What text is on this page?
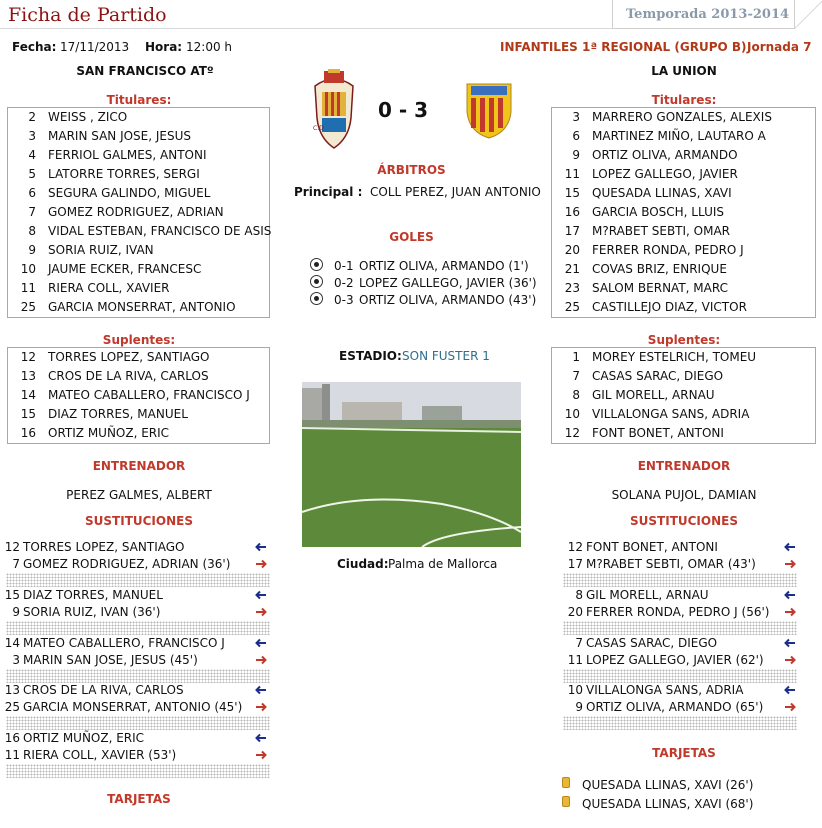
Ficha de Partido	Temporada 2013-2014
Fecha: 17/11/2013 Hora: 12:00 h	INFANTILES 1ª REGIONAL (GRUPO B) Jornada 7
SAN FRANCISCO ATº	LA UNION
C.D
0 - 3
ÁRBITROS
Principal : COLL PEREZ, JUAN ANTONIO
GOLES
0-1 ORTIZ OLIVA, ARMANDO (1')
0-2 LOPEZ GALLEGO, JAVIER (36')
0-3 ORTIZ OLIVA, ARMANDO (43')
ESTADIO: SON FUSTER 1
Ciudad: Palma de Mallorca
Titulares:
2 WEISS , ZICO
3 MARIN SAN JOSE, JESUS
4 FERRIOL GALMES, ANTONI
5 LATORRE TORRES, SERGI
6 SEGURA GALINDO, MIGUEL
7 GOMEZ RODRIGUEZ, ADRIAN
8 VIDAL ESTEBAN, FRANCISCO DE ASIS
9 SORIA RUIZ, IVAN
10 JAUME ECKER, FRANCESC
11 RIERA COLL, XAVIER
25 GARCIA MONSERRAT, ANTONIO
Suplentes:
12 TORRES LOPEZ, SANTIAGO
13 CROS DE LA RIVA, CARLOS
14 MATEO CABALLERO, FRANCISCO J
15 DIAZ TORRES, MANUEL
16 ORTIZ MUÑOZ, ERIC
ENTRENADOR
PEREZ GALMES, ALBERT
SUSTITUCIONES
12 TORRES LOPEZ, SANTIAGO
7 GOMEZ RODRIGUEZ, ADRIAN (36')
15 DIAZ TORRES, MANUEL
9 SORIA RUIZ, IVAN (36')
14 MATEO CABALLERO, FRANCISCO J
3 MARIN SAN JOSE, JESUS (45')
13 CROS DE LA RIVA, CARLOS
25 GARCIA MONSERRAT, ANTONIO (45')
16 ORTIZ MUÑOZ, ERIC
11 RIERA COLL, XAVIER (53')
TARJETAS
Titulares:
3 MARRERO GONZALES, ALEXIS
6 MARTINEZ MIÑO, LAUTARO A
9 ORTIZ OLIVA, ARMANDO
11 LOPEZ GALLEGO, JAVIER
15 QUESADA LLINAS, XAVI
16 GARCIA BOSCH, LLUIS
17 M?RABET SEBTI, OMAR
20 FERRER RONDA, PEDRO J
21 COVAS BRIZ, ENRIQUE
23 SALOM BERNAT, MARC
25 CASTILLEJO DIAZ, VICTOR
Suplentes:
1 MOREY ESTELRICH, TOMEU
7 CASAS SARAC, DIEGO
8 GIL MORELL, ARNAU
10 VILLALONGA SANS, ADRIA
12 FONT BONET, ANTONI
ENTRENADOR
SOLANA PUJOL, DAMIAN
SUSTITUCIONES
12 FONT BONET, ANTONI
17 M?RABET SEBTI, OMAR (43')
8 GIL MORELL, ARNAU
20 FERRER RONDA, PEDRO J (56')
7 CASAS SARAC, DIEGO
11 LOPEZ GALLEGO, JAVIER (62')
10 VILLALONGA SANS, ADRIA
9 ORTIZ OLIVA, ARMANDO (65')
TARJETAS
QUESADA LLINAS, XAVI (26')
QUESADA LLINAS, XAVI (68')
